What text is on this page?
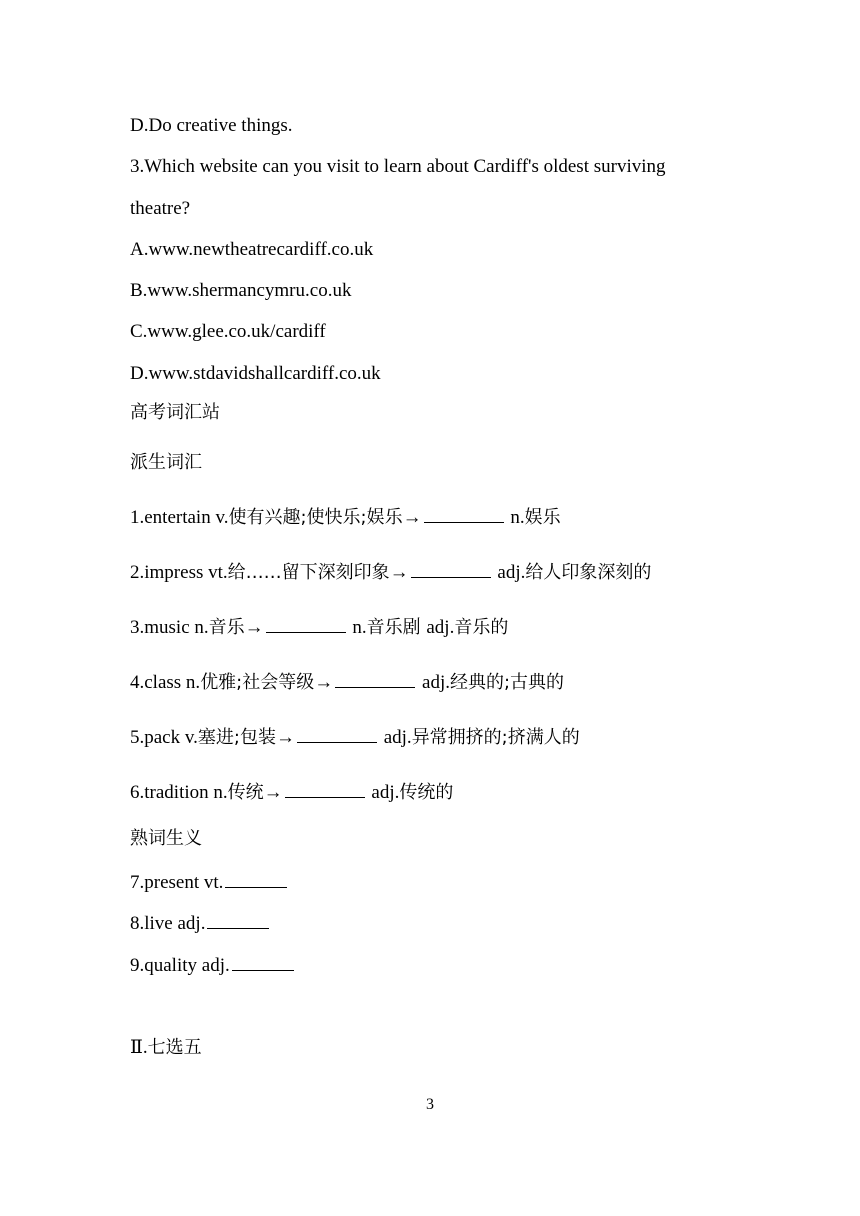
D.Do creative things.
3.Which website can you visit to learn about Cardiff's oldest surviving
theatre?
A.www.newtheatrecardiff.co.uk
B.www.shermancymru.co.uk
C.www.glee.co.uk/cardiff
D.www.stdavidshallcardiff.co.uk
高考词汇站
派生词汇
1.entertain v.使有兴趣;使快乐;娱乐→	n.娱乐
2.impress vt.给……留下深刻印象→	adj.给人印象深刻的
3.music n.音乐→	n.音乐剧 adj.音乐的
4.class n.优雅;社会等级→	adj.经典的;古典的
5.pack v.塞进;包装→	adj.异常拥挤的;挤满人的
6.tradition n.传统→	adj.传统的
熟词生义
7.present vt.
8.live adj.
9.quality adj.
Ⅱ.七选五
3
